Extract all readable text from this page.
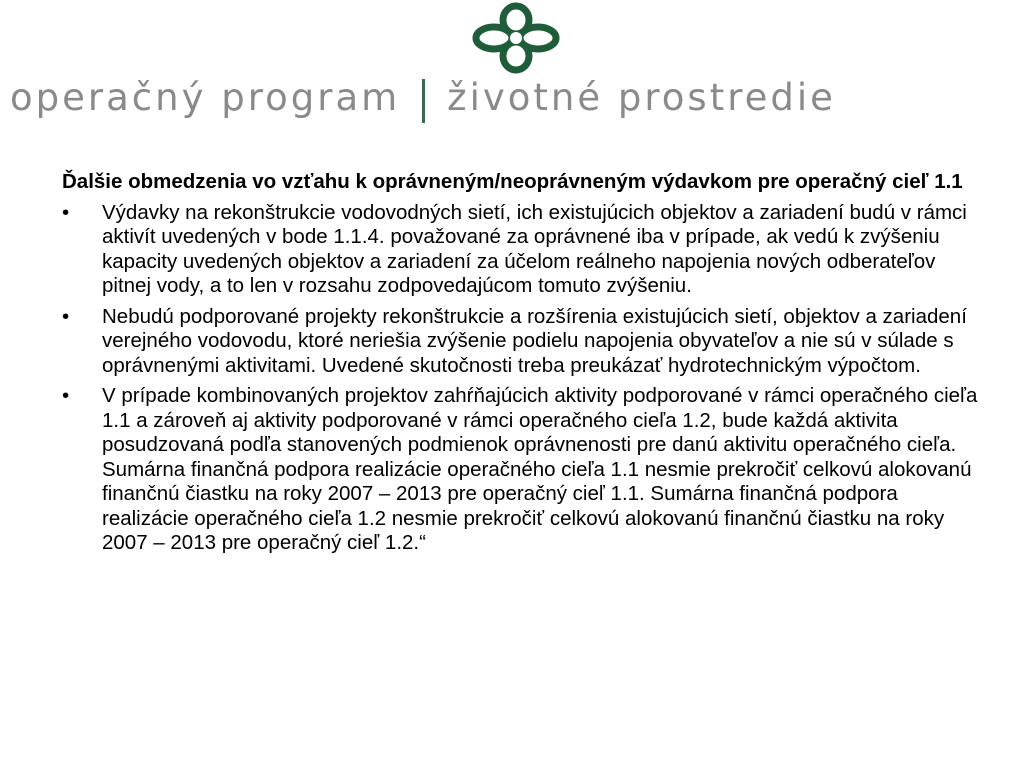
operačný program životné prostredie
Ďalšie obmedzenia vo vzťahu k oprávneným/neoprávneným výdavkom pre operačný cieľ 1.1
•	Výdavky na rekonštrukcie vodovodných sietí, ich existujúcich objektov a zariadení budú v rámci aktivít uvedených v bode 1.1.4. považované za oprávnené iba v prípade, ak vedú k zvýšeniu kapacity uvedených objektov a zariadení za účelom reálneho napojenia nových odberateľov pitnej vody, a to len v rozsahu zodpovedajúcom tomuto zvýšeniu.
•	Nebudú podporované projekty rekonštrukcie a rozšírenia existujúcich sietí, objektov a zariadení verejného vodovodu, ktoré neriešia zvýšenie podielu napojenia obyvateľov a nie sú v súlade s oprávnenými aktivitami. Uvedené skutočnosti treba preukázať hydrotechnickým výpočtom.
•	V prípade kombinovaných projektov zahŕňajúcich aktivity podporované v rámci operačného cieľa 1.1 a zároveň aj aktivity podporované v rámci operačného cieľa 1.2, bude každá aktivita posudzovaná podľa stanovených podmienok oprávnenosti pre danú aktivitu operačného cieľa. Sumárna finančná podpora realizácie operačného cieľa 1.1 nesmie prekročiť celkovú alokovanú finančnú čiastku na roky 2007 – 2013 pre operačný cieľ 1.1. Sumárna finančná podpora realizácie operačného cieľa 1.2 nesmie prekročiť celkovú alokovanú finančnú čiastku na roky 2007 – 2013 pre operačný cieľ 1.2.“
